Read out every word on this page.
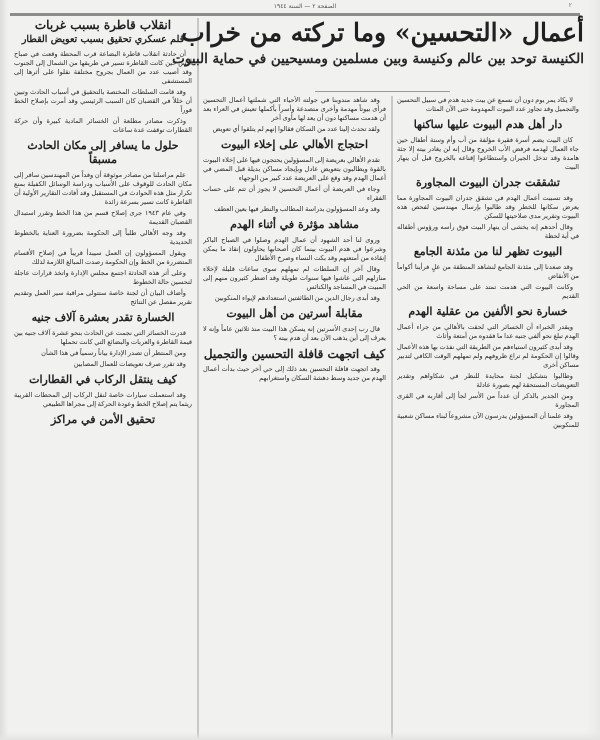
الصفحة ٢ — السنة ١٩٤٤	٢
أعمال «التحسين» وما تركته من خراب
الكنيسة توحد بين عالم وكنيسة وبين مسلمين ومسيحيين في حماية البيوت
انقلاب قاطرة بسبب غربات
قلم عسكري تحقيق بسبب تعويض القطار

أن حادثة انقلاب قاطرة البضاعة قرب المحطة وقعت في صباح أمس حين كانت القاطرة تسير في طريقها من الشمال إلى الجنوب وقد أصيب عدد من العمال بجروح مختلفة نقلوا على أثرها إلى المستشفى

وقد قامت السلطات المختصة بالتحقيق في أسباب الحادث وتبين أن خللاً في القضبان كان السبب الرئيسي وقد أمرت بإصلاح الخط فوراً

وذكرت مصادر مطلعة أن الخسائر المادية كبيرة وأن حركة القطارات توقفت عدة ساعات

حلول ما يسافر إلى مكان الحادث مسبقاً

علم مراسلنا من مصادر موثوقة أن وفداً من المهندسين سافر إلى مكان الحادث للوقوف على الأسباب ودراسة الوسائل الكفيلة بمنع تكرار مثل هذه الحوادث في المستقبل وقد أفادت التقارير الأولية أن القاطرة كانت تسير بسرعة زائدة

وفي عام ١٩٤٣ جرى إصلاح قسم من هذا الخط وتقرر استبدال القضبان القديمة

وقد وجه الأهالي طلباً إلى الحكومة بضرورة العناية بالخطوط الحديدية

ويقول المسؤولون إن العمل سيبدأ قريباً في إصلاح الأقسام المتضررة من الخط وإن الحكومة رصدت المبالغ اللازمة لذلك

وعلى أثر هذه الحادثة اجتمع مجلس الإدارة واتخذ قرارات عاجلة لتحسين حالة الخطوط

وأضاف البيان أن لجنة خاصة ستتولى مراقبة سير العمل وتقديم تقرير مفصل عن النتائج

الخسارة تقدر بعشرة آلاف جنيه

قدرت الخسائر التي نجمت عن الحادث بنحو عشرة آلاف جنيه بين قيمة القاطرة والعربات والبضائع التي كانت تحملها

ومن المنتظر أن تصدر الإدارة بياناً رسمياً في هذا الشأن

وقد تقرر صرف تعويضات للعمال المصابين

كيف ينتقل الركاب في القطارات

وقد استعملت سيارات خاصة لنقل الركاب إلى المحطات القريبة ريثما يتم إصلاح الخط وعودة الحركة إلى مجراها الطبيعي

تحقيق الأمن في مراكز

وقد شاهد مندوبنا في جولته الأحياء التي شملتها أعمال التحسين فرأى بيوتاً مهدمة وأخرى متصدعة وأسراً بأكملها تعيش في العراء بعد أن هدمت مساكنها دون أن يعد لها مأوى آخر

ولقد تحدث إلينا عدد من السكان فقالوا إنهم لم يتلقوا أي تعويض

احتجاج الأهالي على إخلاء البيوت

تقدم الأهالي بعريضة إلى المسؤولين يحتجون فيها على إخلاء البيوت بالقوة ويطالبون بتعويض عادل وبإيجاد مساكن بديلة قبل المضي في أعمال الهدم وقد وقع على العريضة عدد كبير من الوجهاء

وجاء في العريضة أن أعمال التحسين لا يجوز أن تتم على حساب الفقراء

وقد وعد المسؤولون بدراسة المطالب والنظر فيها بعين العطف

مشاهد مؤثرة في أثناء الهدم

وروى لنا أحد الشهود أن عمال الهدم وصلوا في الصباح الباكر وشرعوا في هدم البيوت بينما كان أصحابها يحاولون إنقاذ ما يمكن إنقاذه من أمتعتهم وقد بكت النساء وصرخ الأطفال

وقال آخر إن السلطات لم تمهلهم سوى ساعات قليلة لإخلاء منازلهم التي عاشوا فيها سنوات طويلة وقد اضطر كثيرون منهم إلى المبيت في المساجد والكنائس

وقد أبدى رجال الدين من الطائفتين استعدادهم لإيواء المنكوبين

مقابلة أسرتين من أهل البيوت

قال رب إحدى الأسرتين إنه يسكن هذا البيت منذ ثلاثين عاماً وإنه لا يعرف إلى أين يذهب الآن بعد أن هدم بيته ؟

كيف اتجهت قافلة التحسين والتجميل

وقد اتجهت قافلة التحسين بعد ذلك إلى حي آخر حيث بدأت أعمال الهدم من جديد وسط دهشة السكان واستغرابهم

لا يكاد يمر يوم دون أن نسمع عن بيت جديد هدم في سبيل التحسين والتجميل وقد تجاوز عدد البيوت المهدومة حتى الآن المئات

دار أهل هدم البيوت عليها ساكنها

كان البيت يضم أسرة فقيرة مؤلفة من أب وأم وستة أطفال حين جاء العمال لهدمه فرفض الأب الخروج وقال إنه لن يغادر بيته إلا جثة هامدة وقد تدخل الجيران واستطاعوا إقناعه بالخروج قبل أن ينهار البيت

تشققت جدران البيوت المجاورة

وقد تسببت أعمال الهدم في تشقق جدران البيوت المجاورة مما يعرض سكانها للخطر وقد طالبوا بإرسال مهندسين لفحص هذه البيوت وتقرير مدى صلاحيتها للسكن

وقال أحدهم إنه يخشى أن ينهار البيت فوق رأسه ورؤوس أطفاله في أية لحظة

البيوت تظهر لنا من مئذنة الجامع

وقد صعدنا إلى مئذنة الجامع لنشاهد المنطقة من علٍ فرأينا أكواماً من الأنقاض

وكانت البيوت التي هدمت تمتد على مساحة واسعة من الحي القديم

خسارة نحو الألفين من عقلية الهدم

ويقدر الخبراء أن الخسائر التي لحقت بالأهالي من جراء أعمال الهدم تبلغ نحو ألفي جنيه عدا ما فقدوه من أمتعة وأثاث

وقد أبدى كثيرون استياءهم من الطريقة التي نفذت بها هذه الأعمال وقالوا إن الحكومة لم تراع ظروفهم ولم تمهلهم الوقت الكافي لتدبير مساكن أخرى

وطالبوا بتشكيل لجنة محايدة للنظر في شكاواهم وتقدير التعويضات المستحقة لهم بصورة عادلة

ومن الجدير بالذكر أن عدداً من الأسر لجأ إلى أقاربه في القرى المجاورة

وقد علمنا أن المسؤولين يدرسون الآن مشروعاً لبناء مساكن شعبية للمنكوبين
